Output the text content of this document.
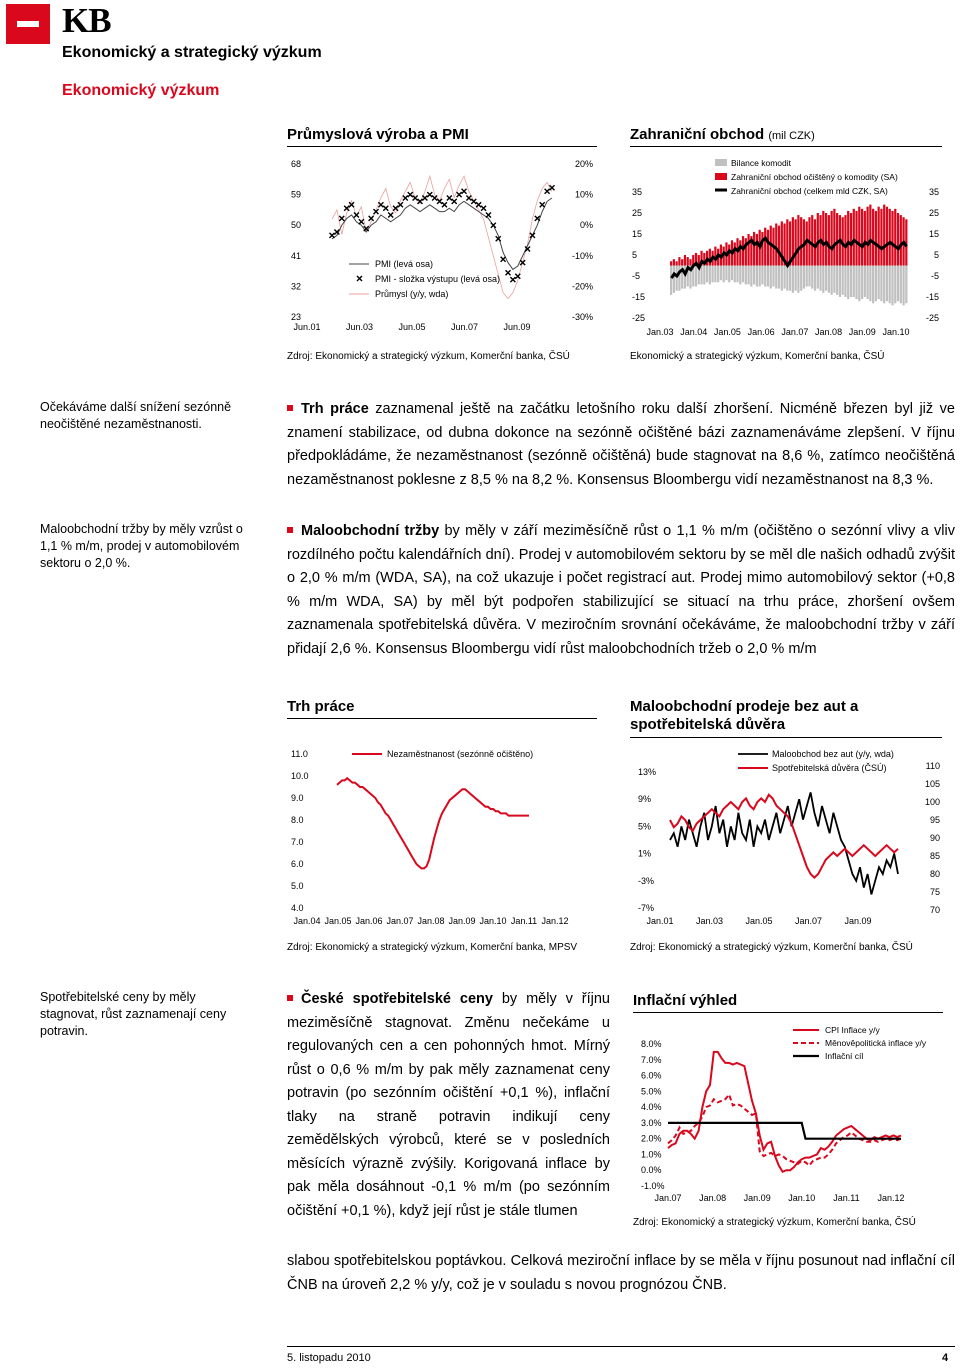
KB
Ekonomický a strategický výzkum
Ekonomický výzkum
Průmyslová výroba a PMI
68
59
50
41
32
23
20%
10%
0%
-10%
-20%
-30%
Jun.01	Jun.03	Jun.05	Jun.07	Jun.09
PMI (levá osa)
PMI - složka výstupu (levá osa)
Průmysl (y/y, wda)
Zdroj: Ekonomický a strategický výzkum, Komerční banka, ČSÚ
Zahraniční obchod (mil CZK)
35
25
15
5
-5
-15
-25
35
25
15
5
-5
-15
-25
Jan.03 Jan.04 Jan.05 Jan.06 Jan.07 Jan.08 Jan.09 Jan.10
Bilance komodit
Zahraniční obchod očištěný o komodity (SA)
Zahraniční obchod (celkem mld CZK, SA)
Ekonomický a strategický výzkum, Komerční banka, ČSÚ
Očekáváme další snížení sezónně neočištěné nezaměstnanosti.
Maloobchodní tržby by měly vzrůst o 1,1 % m/m, prodej v automobilovém sektoru o 2,0 %.
Trh práce zaznamenal ještě na začátku letošního roku další zhoršení. Nicméně březen byl již ve znamení stabilizace, od dubna dokonce na sezónně očištěné bázi zaznamenáváme zlepšení. V říjnu předpokládáme, že nezaměstnanost (sezónně očištěná) bude stagnovat na 8,6 %, zatímco neočištěná nezaměstnanost poklesne z 8,5 % na 8,2 %. Konsensus Bloombergu vidí nezaměstnanost na 8,3 %.
Maloobchodní tržby by měly v září meziměsíčně růst o 1,1 % m/m (očištěno o sezónní vlivy a vliv rozdílného počtu kalendářních dní). Prodej v automobilovém sektoru by se měl dle našich odhadů zvýšit o 2,0 % m/m (WDA, SA), na což ukazuje i počet registrací aut. Prodej mimo automobilový sektor (+0,8 % m/m WDA, SA) by měl být podpořen stabilizující se situací na trhu práce, zhoršení ovšem zaznamenala spotřebitelská důvěra. V meziročním srovnání očekáváme, že maloobchodní tržby v září přidají 2,6 %. Konsensus Bloombergu vidí růst maloobchodních tržeb o 2,0 % m/m
Trh práce
11.0
10.0
9.0
8.0
7.0
6.0
5.0
4.0
Jan.04 Jan.05 Jan.06 Jan.07 Jan.08 Jan.09 Jan.10 Jan.11 Jan.12
Nezaměstnanost (sezónně očištěno)
Zdroj: Ekonomický a strategický výzkum, Komerční banka, MPSV
Maloobchodní prodeje bez aut a
spotřebitelská důvěra
13%
9%
5%
1%
-3%
-7%
110
105
100
95
90
85
80
75
70
Jan.01 Jan.03 Jan.05 Jan.07 Jan.09
Maloobchod bez aut (y/y, wda)
Spotřebitelská důvěra (ČSÚ)
Zdroj: Ekonomický a strategický výzkum, Komerční banka, ČSÚ
Spotřebitelské ceny by měly stagnovat, růst zaznamenají ceny potravin.
České spotřebitelské ceny by měly v říjnu meziměsíčně stagnovat. Změnu nečekáme u regulovaných cen a cen pohonných hmot. Mírný růst o 0,6 % m/m by pak měly zaznamenat ceny potravin (po sezónním očištění +0,1 %), inflační tlaky na straně potravin indikují ceny zemědělských výrobců, které se v posledních měsících výrazně zvýšily. Korigovaná inflace by pak měla dosáhnout -0,1 % m/m (po sezónním očištění +0,1 %), když její růst je stále tlumen
slabou spotřebitelskou poptávkou. Celková meziroční inflace by se měla v říjnu posunout nad inflační cíl ČNB na úroveň 2,2 % y/y, což je v souladu s novou prognózou ČNB.
Inflační výhled
8.0%
7.0%
6.0%
5.0%
4.0%
3.0%
2.0%
1.0%
0.0%
-1.0%
Jan.07 Jan.08 Jan.09 Jan.10 Jan.11 Jan.12
CPI Inflace y/y
Měnověpolitická inflace y/y
Inflační cíl
Zdroj: Ekonomický a strategický výzkum, Komerční banka, ČSÚ
5. listopadu 2010	4
